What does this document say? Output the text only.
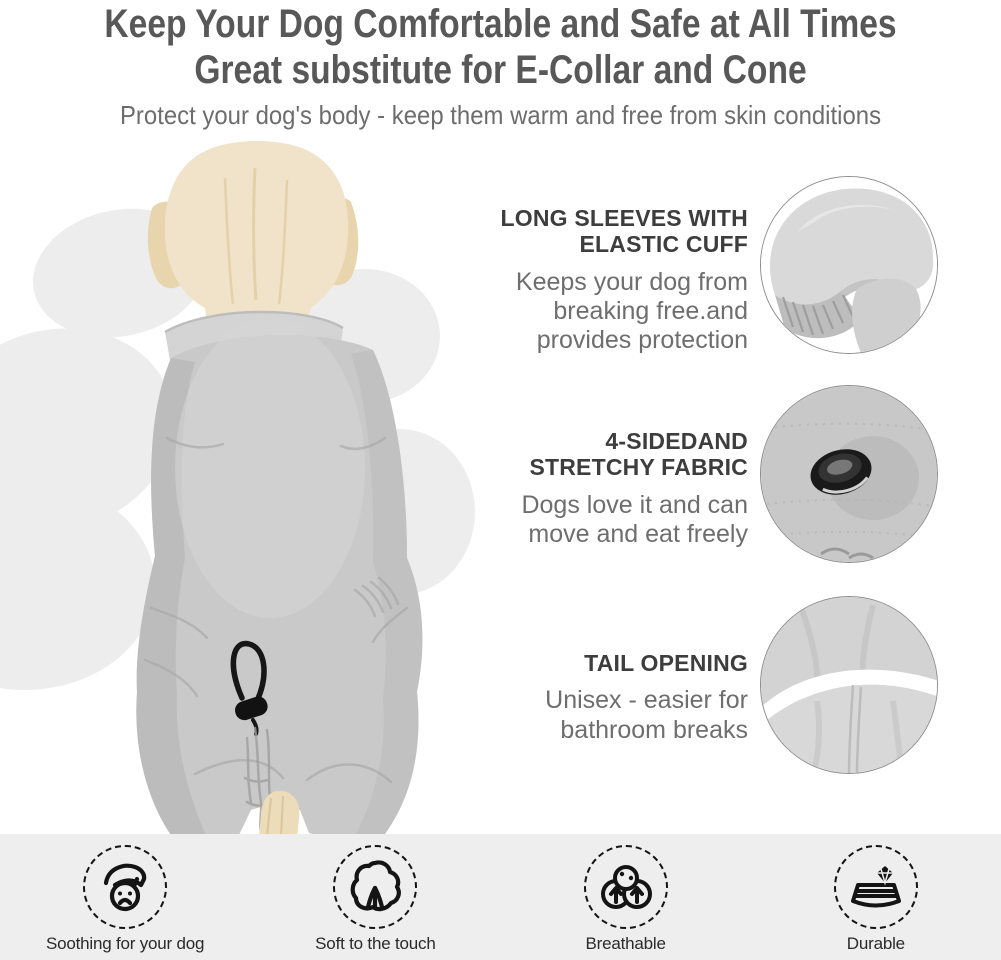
Keep Your Dog Comfortable and Safe at All Times
Great substitute for E-Collar and Cone
Protect your dog's body - keep them warm and free from skin conditions
LONG SLEEVES WITH
ELASTIC CUFF
Keeps your dog from
breaking free.and
provides protection
4-SIDEDAND
STRETCHY FABRIC
Dogs love it and can
move and eat freely
TAIL OPENING
Unisex - easier for
bathroom breaks
Soothing for your dog	Soft to the touch	Breathable	Durable
